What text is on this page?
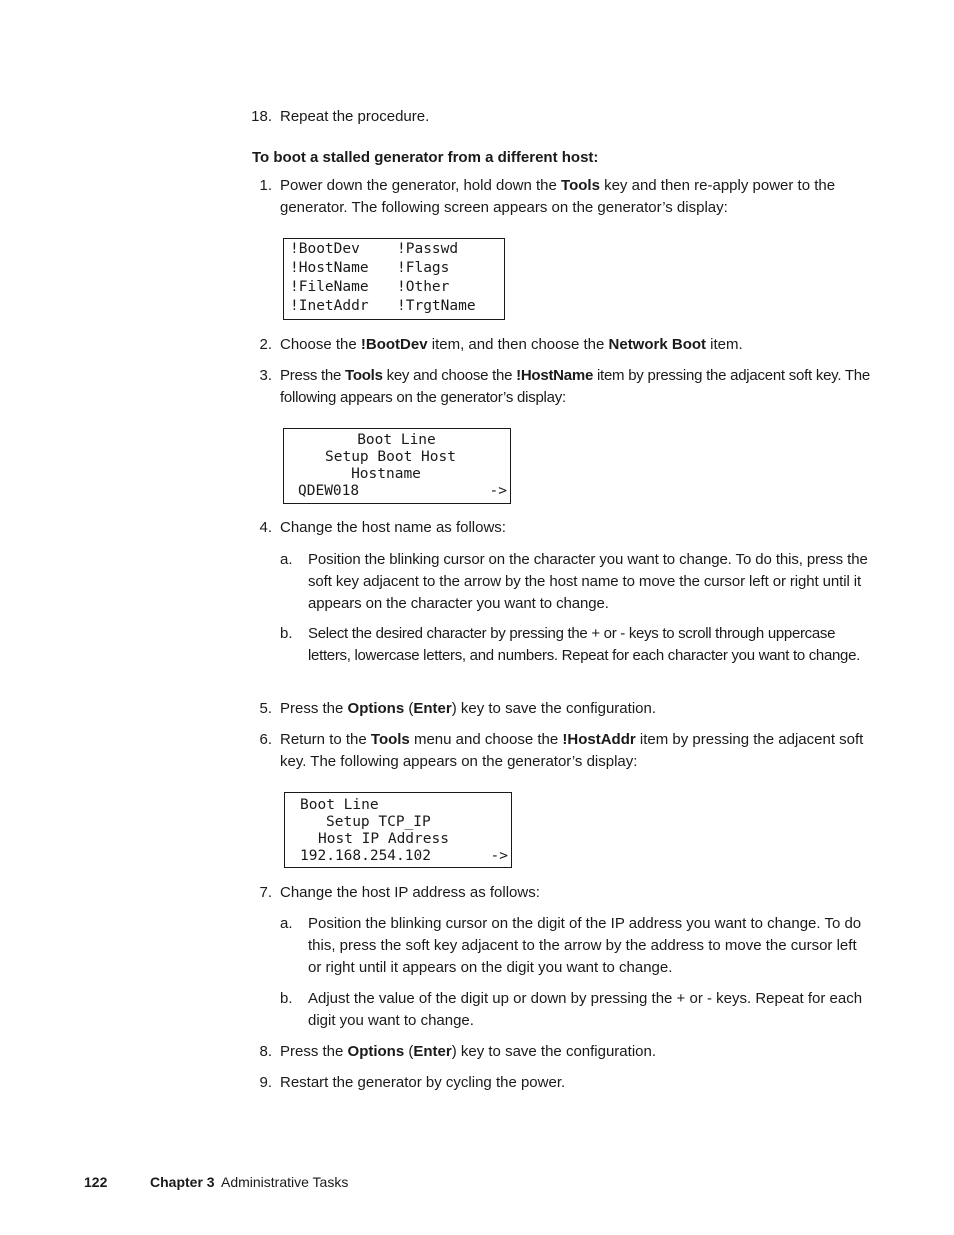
18. Repeat the procedure.
To boot a stalled generator from a different host:
1. Power down the generator, hold down the Tools key and then re-apply power to the generator. The following screen appears on the generator’s display:
!BootDev	!Passwd
!HostName !Flags
!FileName !Other
!InetAddr !TrgtName
2. Choose the !BootDev item, and then choose the Network Boot item.
3. Press the Tools key and choose the !HostName item by pressing the adjacent soft key. The following appears on the generator’s display:
Boot Line
Setup Boot Host
Hostname
QDEW018	->
4. Change the host name as follows:
a. Position the blinking cursor on the character you want to change. To do this, press the soft key adjacent to the arrow by the host name to move the cursor left or right until it appears on the character you want to change.
b. Select the desired character by pressing the + or - keys to scroll through uppercase letters, lowercase letters, and numbers. Repeat for each character you want to change.
5. Press the Options (Enter) key to save the configuration.
6. Return to the Tools menu and choose the !HostAddr item by pressing the adjacent soft key. The following appears on the generator’s display:
Boot Line
Setup TCP_IP
Host IP Address
192.168.254.102	->
7. Change the host IP address as follows:
a. Position the blinking cursor on the digit of the IP address you want to change. To do this, press the soft key adjacent to the arrow by the address to move the cursor left or right until it appears on the digit you want to change.
b. Adjust the value of the digit up or down by pressing the + or - keys. Repeat for each digit you want to change.
8. Press the Options (Enter) key to save the configuration.
9. Restart the generator by cycling the power.
122	Chapter 3 Administrative Tasks
